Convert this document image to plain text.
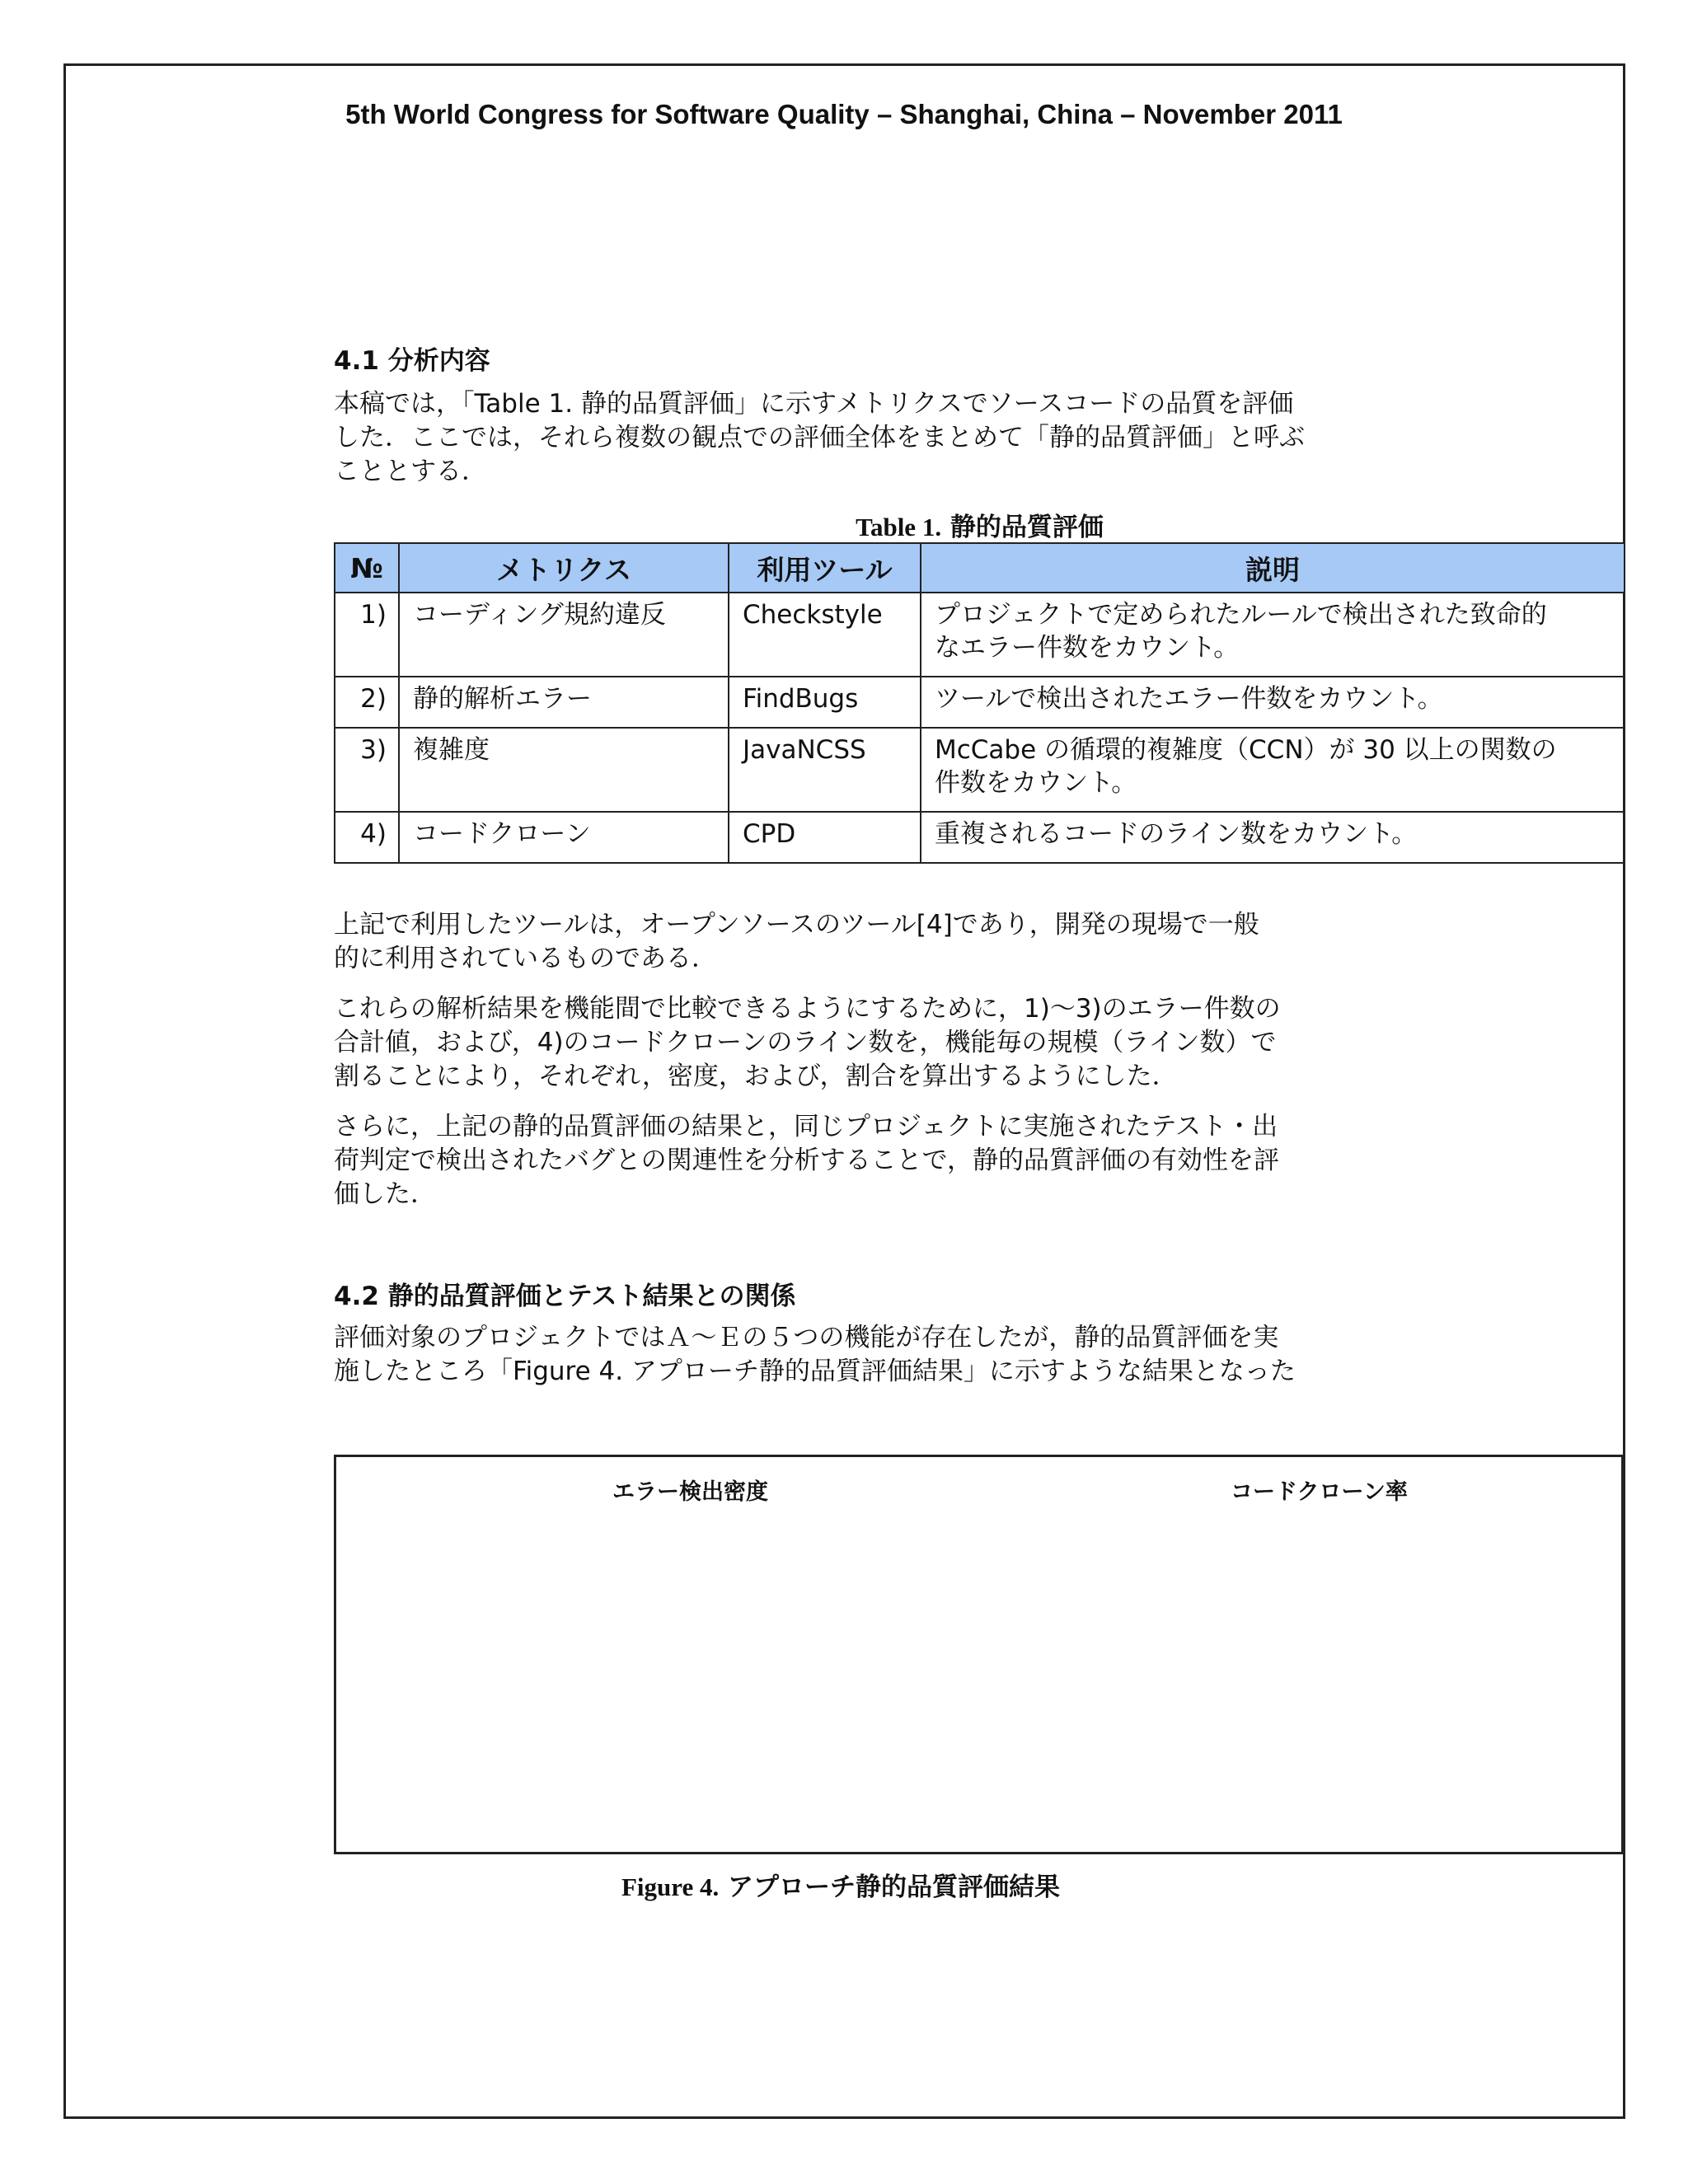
5th World Congress for Software Quality – Shanghai, China – November 2011
4.1 分析内容

本稿では，「Table 1. 静的品質評価」に示すメトリクスでソースコードの品質を評価

した．ここでは，それら複数の観点での評価全体をまとめて「静的品質評価」と呼ぶ

こととする．

Table 1. 静的品質評価
№	メトリクス	利用ツール	説明
1)	コーディング規約違反	Checkstyle	プロジェクトで定められたルールで検出された致命的
なエラー件数をカウント。

2)	静的解析エラー	FindBugs	ツールで検出されたエラー件数をカウント。

3)	複雑度	JavaNCSS	McCabe の循環的複雑度（CCN）が 30 以上の関数の
件数をカウント。

4)	コードクローン	CPD	重複されるコードのライン数をカウント。

上記で利用したツールは，オープンソースのツール[4]であり，開発の現場で一般

的に利用されているものである．

これらの解析結果を機能間で比較できるようにするために，1)～3)のエラー件数の

合計値，および，4)のコードクローンのライン数を，機能毎の規模（ライン数）で

割ることにより，それぞれ，密度，および，割合を算出するようにした．

さらに，上記の静的品質評価の結果と，同じプロジェクトに実施されたテスト・出

荷判定で検出されたバグとの関連性を分析することで，静的品質評価の有効性を評

価した．

4.2 静的品質評価とテスト結果との関係

評価対象のプロジェクトではＡ～Ｅの５つの機能が存在したが，静的品質評価を実

施したところ「Figure 4. アプローチ静的品質評価結果」に示すような結果となった

エラー検出密度	コードクローン率
Figure 4. アプローチ静的品質評価結果
